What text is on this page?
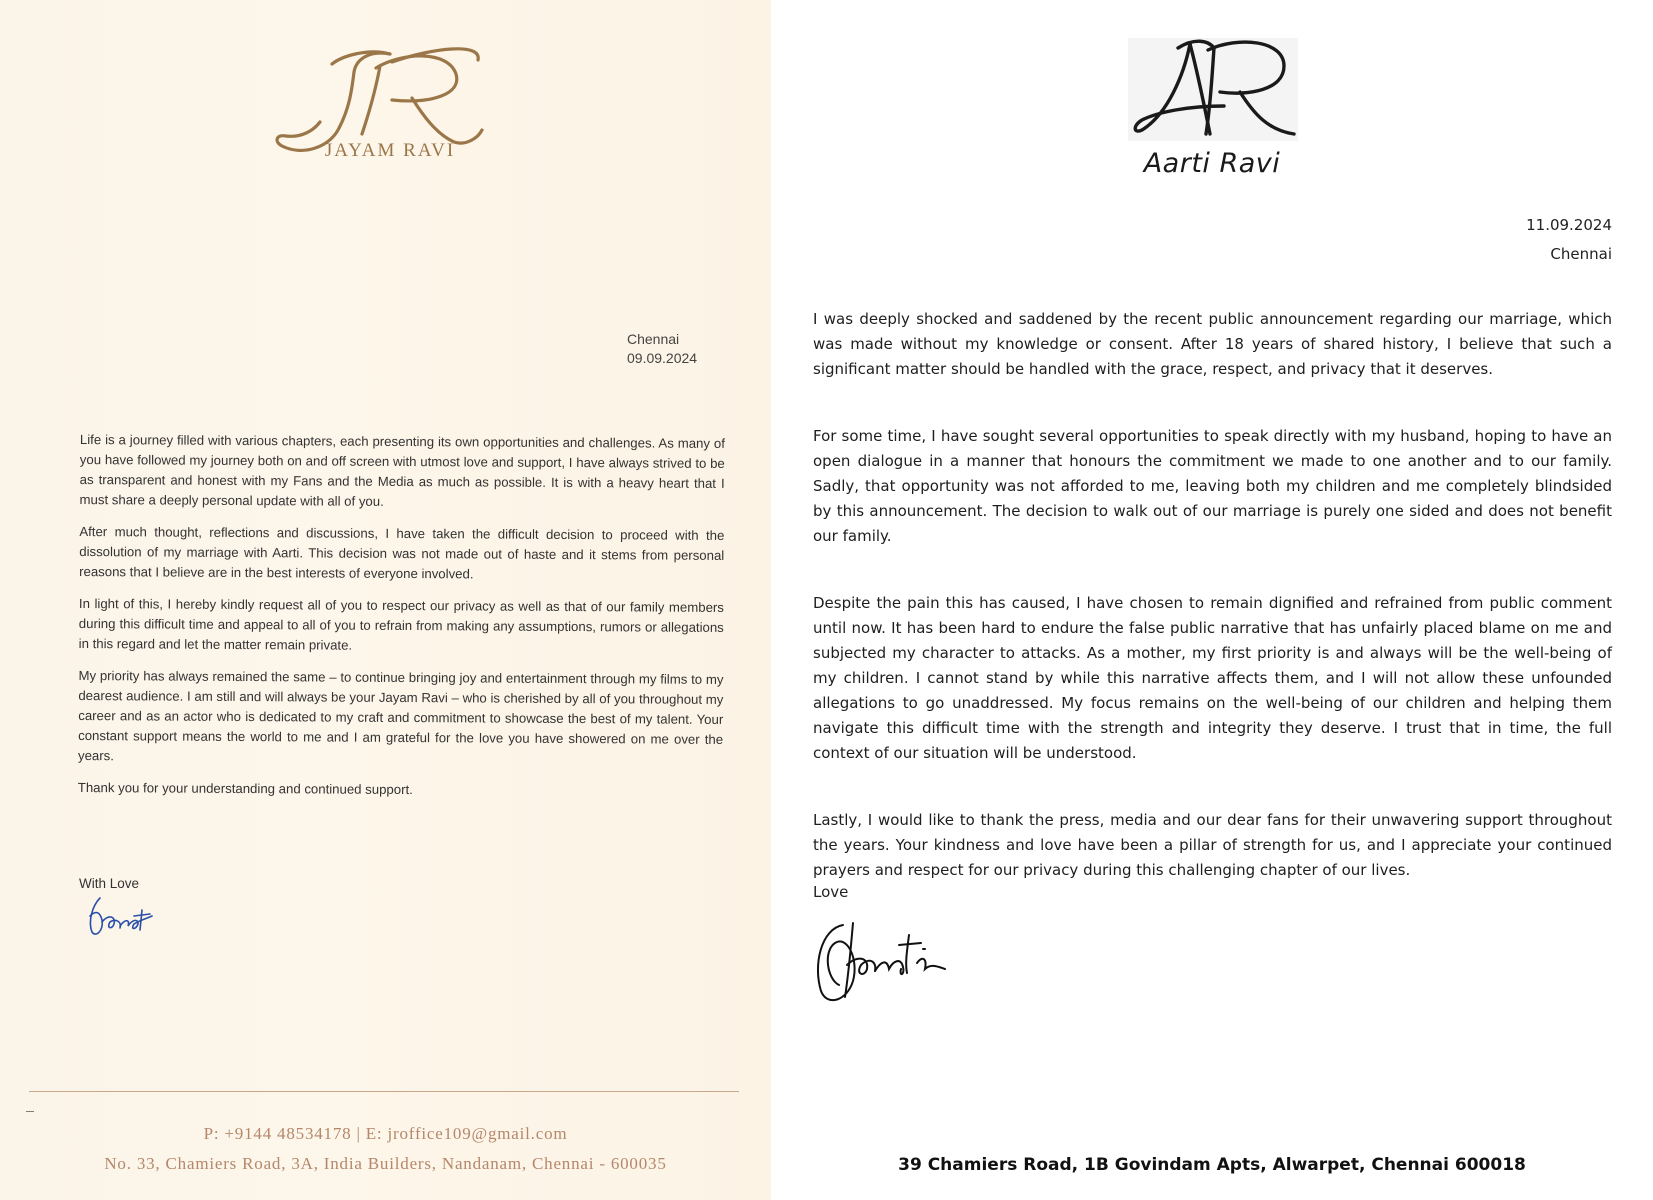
JAYAM RAVI
Chennai
09.09.2024

Life is a journey filled with various chapters, each presenting its own opportunities and challenges. As many of you have followed my journey both on and off screen with utmost love and support, I have always strived to be as transparent and honest with my Fans and the Media as much as possible. It is with a heavy heart that I must share a deeply personal update with all of you.

After much thought, reflections and discussions, I have taken the difficult decision to proceed with the dissolution of my marriage with Aarti. This decision was not made out of haste and it stems from personal reasons that I believe are in the best interests of everyone involved.

In light of this, I hereby kindly request all of you to respect our privacy as well as that of our family members during this difficult time and appeal to all of you to refrain from making any assumptions, rumors or allegations in this regard and let the matter remain private.

My priority has always remained the same – to continue bringing joy and entertainment through my films to my dearest audience. I am still and will always be your Jayam Ravi – who is cherished by all of you throughout my career and as an actor who is dedicated to my craft and commitment to showcase the best of my talent. Your constant support means the world to me and I am grateful for the love you have showered on me over the years.

Thank you for your understanding and continued support.

With Love
P: +9144 48534178 | E: jroffice109@gmail.com
No. 33, Chamiers Road, 3A, India Builders, Nandanam, Chennai - 600035
Aarti Ravi
11.09.2024
Chennai

I was deeply shocked and saddened by the recent public announcement regarding our marriage, which was made without my knowledge or consent. After 18 years of shared history, I believe that such a significant matter should be handled with the grace, respect, and privacy that it deserves.

For some time, I have sought several opportunities to speak directly with my husband, hoping to have an open dialogue in a manner that honours the commitment we made to one another and to our family. Sadly, that opportunity was not afforded to me, leaving both my children and me completely blindsided by this announcement. The decision to walk out of our marriage is purely one sided and does not benefit our family.

Despite the pain this has caused, I have chosen to remain dignified and refrained from public comment until now. It has been hard to endure the false public narrative that has unfairly placed blame on me and subjected my character to attacks. As a mother, my first priority is and always will be the well-being of my children. I cannot stand by while this narrative affects them, and I will not allow these unfounded allegations to go unaddressed. My focus remains on the well-being of our children and helping them navigate this difficult time with the strength and integrity they deserve. I trust that in time, the full context of our situation will be understood.

Lastly, I would like to thank the press, media and our dear fans for their unwavering support throughout the years. Your kindness and love have been a pillar of strength for us, and I appreciate your continued prayers and respect for our privacy during this challenging chapter of our lives.

Love
39 Chamiers Road, 1B Govindam Apts, Alwarpet, Chennai 600018
